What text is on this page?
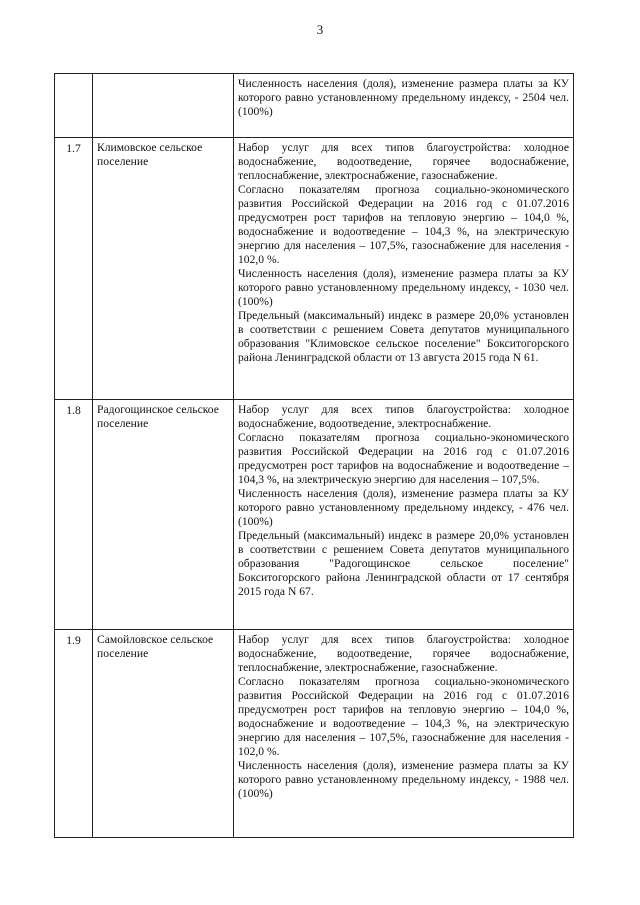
3

		Численность населения (доля), изменение размера платы за КУ которого равно установленному предельному индексу, - 2504 чел. (100%)

1.7	Климовское сельское поселение	Набор услуг для всех типов благоустройства: холодное водоснабжение, водоотведение, горячее водоснабжение, теплоснабжение, электроснабжение, газоснабжение.

Согласно показателям прогноза социально-экономического развития Российской Федерации на 2016 год с 01.07.2016 предусмотрен рост тарифов на тепловую энергию – 104,0 %, водоснабжение и водоотведение – 104,3 %, на электрическую энергию для населения – 107,5%, газоснабжение для населения - 102,0 %.

Численность населения (доля), изменение размера платы за КУ которого равно установленному предельному индексу, - 1030 чел. (100%)

Предельный (максимальный) индекс в размере 20,0% установлен в соответствии с решением Совета депутатов муниципального образования "Климовское сельское поселение" Бокситогорского района Ленинградской области от 13 августа 2015 года N 61.

1.8	Радогощинское сельское поселение	Набор услуг для всех типов благоустройства: холодное водоснабжение, водоотведение, электроснабжение.

Согласно показателям прогноза социально-экономического развития Российской Федерации на 2016 год с 01.07.2016 предусмотрен рост тарифов на водоснабжение и водоотведение – 104,3 %, на электрическую энергию для населения – 107,5%.

Численность населения (доля), изменение размера платы за КУ которого равно установленному предельному индексу, - 476 чел. (100%)

Предельный (максимальный) индекс в размере 20,0% установлен в соответствии с решением Совета депутатов муниципального образования "Радогощинское сельское поселение" Бокситогорского района Ленинградской области от 17 сентября 2015 года N 67.

1.9	Самойловское сельское поселение	Набор услуг для всех типов благоустройства: холодное водоснабжение, водоотведение, горячее водоснабжение, теплоснабжение, электроснабжение, газоснабжение.

Согласно показателям прогноза социально-экономического развития Российской Федерации на 2016 год с 01.07.2016 предусмотрен рост тарифов на тепловую энергию – 104,0 %, водоснабжение и водоотведение – 104,3 %, на электрическую энергию для населения – 107,5%, газоснабжение для населения - 102,0 %.

Численность населения (доля), изменение размера платы за КУ которого равно установленному предельному индексу, - 1988 чел. (100%)
